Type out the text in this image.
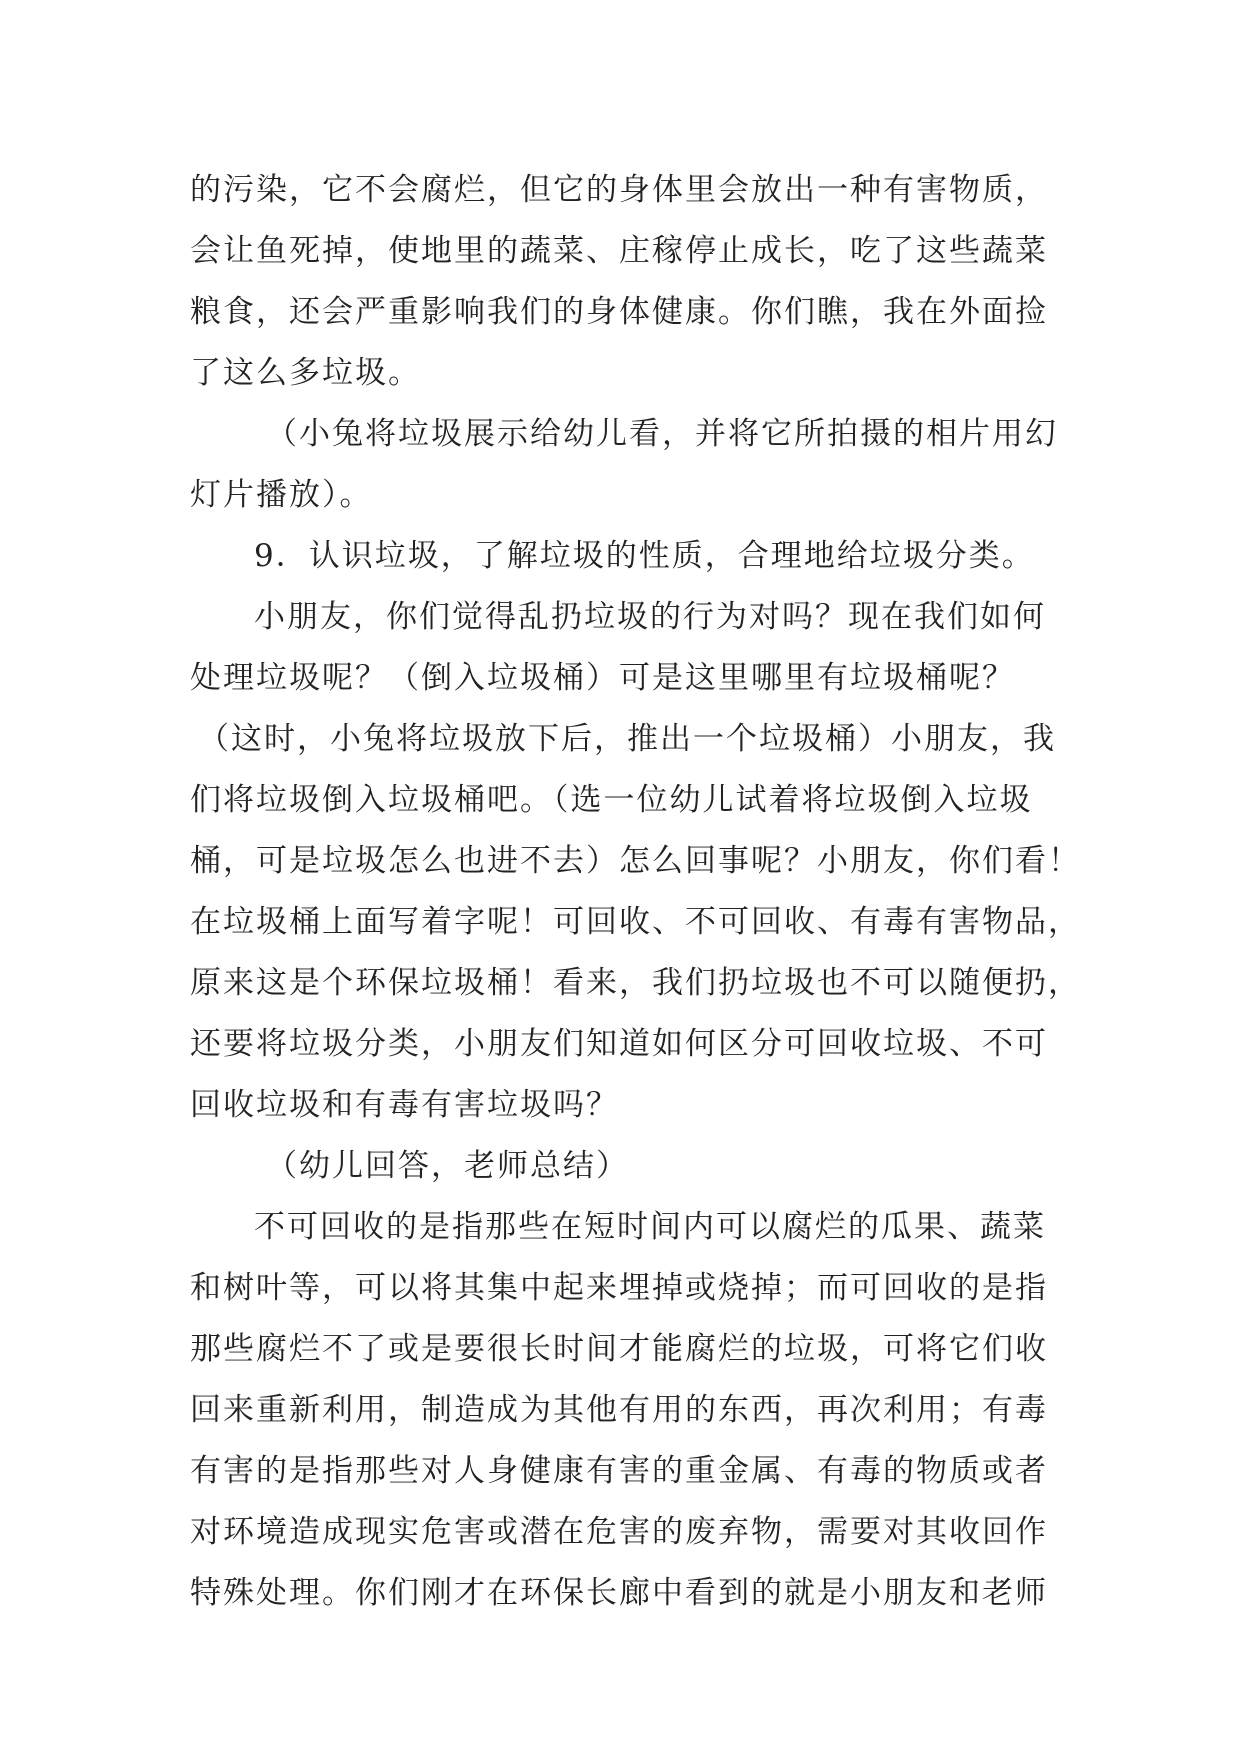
的污染，它不会腐烂，但它的身体里会放出一种有害物质，
会让鱼死掉，使地里的蔬菜、庄稼停止成长，吃了这些蔬菜
粮食，还会严重影响我们的身体健康。你们瞧，我在外面捡
了这么多垃圾。
（小兔将垃圾展示给幼儿看，并将它所拍摄的相片用幻
灯片播放）。
9．认识垃圾，了解垃圾的性质，合理地给垃圾分类。
小朋友，你们觉得乱扔垃圾的行为对吗？现在我们如何
处理垃圾呢？（倒入垃圾桶）可是这里哪里有垃圾桶呢？
（这时，小兔将垃圾放下后，推出一个垃圾桶）小朋友，我
们将垃圾倒入垃圾桶吧。（选一位幼儿试着将垃圾倒入垃圾
桶，可是垃圾怎么也进不去）怎么回事呢？小朋友，你们看！
在垃圾桶上面写着字呢！可回收、不可回收、有毒有害物品，
原来这是个环保垃圾桶！看来，我们扔垃圾也不可以随便扔，
还要将垃圾分类，小朋友们知道如何区分可回收垃圾、不可
回收垃圾和有毒有害垃圾吗？
（幼儿回答，老师总结）
不可回收的是指那些在短时间内可以腐烂的瓜果、蔬菜
和树叶等，可以将其集中起来埋掉或烧掉；而可回收的是指
那些腐烂不了或是要很长时间才能腐烂的垃圾，可将它们收
回来重新利用，制造成为其他有用的东西，再次利用；有毒
有害的是指那些对人身健康有害的重金属、有毒的物质或者
对环境造成现实危害或潜在危害的废弃物，需要对其收回作
特殊处理。你们刚才在环保长廊中看到的就是小朋友和老师
